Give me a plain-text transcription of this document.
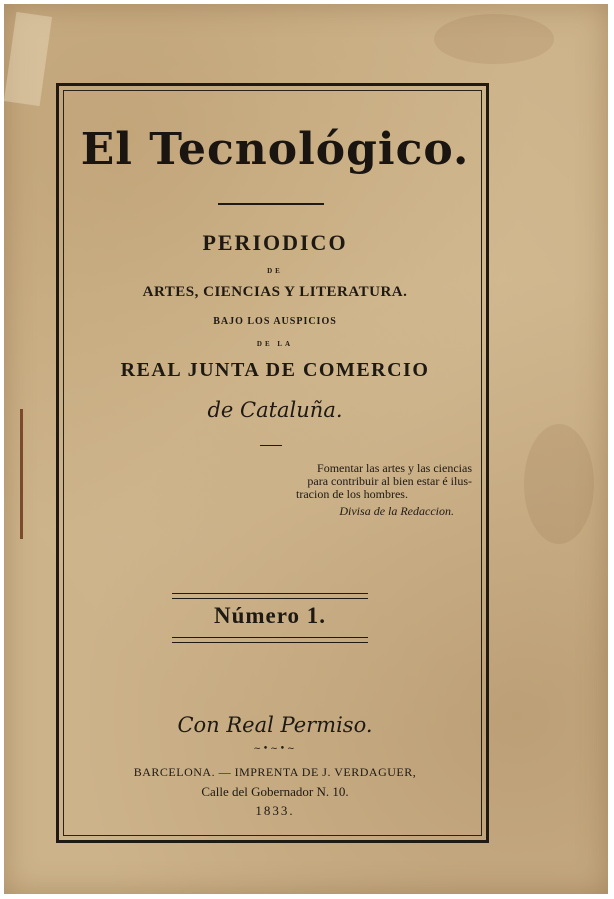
El Tecnológico.
PERIODICO
DE
ARTES, CIENCIAS Y LITERATURA.
BAJO LOS AUSPICIOS
DE LA
REAL JUNTA DE COMERCIO
de Cataluña.
Fomentar las artes y las ciencias
para contribuir al bien estar é ilus-
tracion de los hombres.
Divisa de la Redaccion.
Número 1.
Con Real Permiso.
~•~•~
BARCELONA. — IMPRENTA DE J. VERDAGUER,
Calle del Gobernador N. 10.
1833.
